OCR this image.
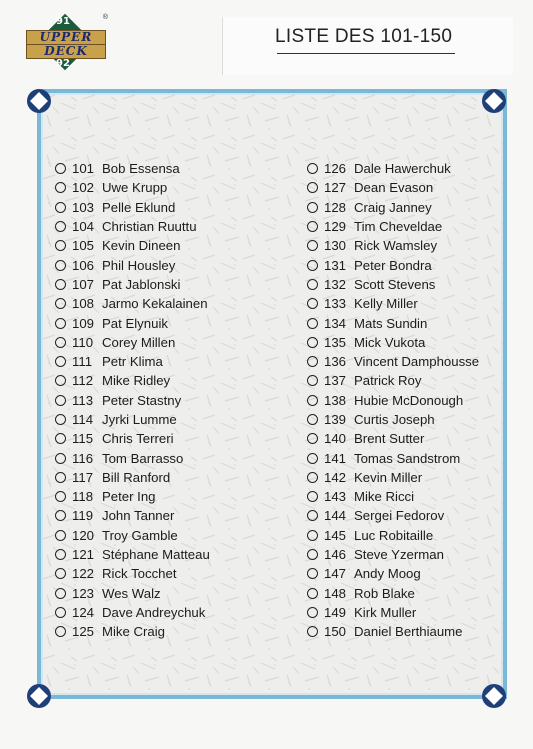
91
UPPER
DECK
92
®
LISTE DES 101-150
101 Bob Essensa
102 Uwe Krupp
103 Pelle Eklund
104 Christian Ruuttu
105 Kevin Dineen
106 Phil Housley
107 Pat Jablonski
108 Jarmo Kekalainen
109 Pat Elynuik
110 Corey Millen
111 Petr Klima
112 Mike Ridley
113 Peter Stastny
114 Jyrki Lumme
115 Chris Terreri
116 Tom Barrasso
117 Bill Ranford
118 Peter Ing
119 John Tanner
120 Troy Gamble
121 Stéphane Matteau
122 Rick Tocchet
123 Wes Walz
124 Dave Andreychuk
125 Mike Craig
126 Dale Hawerchuk
127 Dean Evason
128 Craig Janney
129 Tim Cheveldae
130 Rick Wamsley
131 Peter Bondra
132 Scott Stevens
133 Kelly Miller
134 Mats Sundin
135 Mick Vukota
136 Vincent Damphousse
137 Patrick Roy
138 Hubie McDonough
139 Curtis Joseph
140 Brent Sutter
141 Tomas Sandstrom
142 Kevin Miller
143 Mike Ricci
144 Sergei Fedorov
145 Luc Robitaille
146 Steve Yzerman
147 Andy Moog
148 Rob Blake
149 Kirk Muller
150 Daniel Berthiaume
